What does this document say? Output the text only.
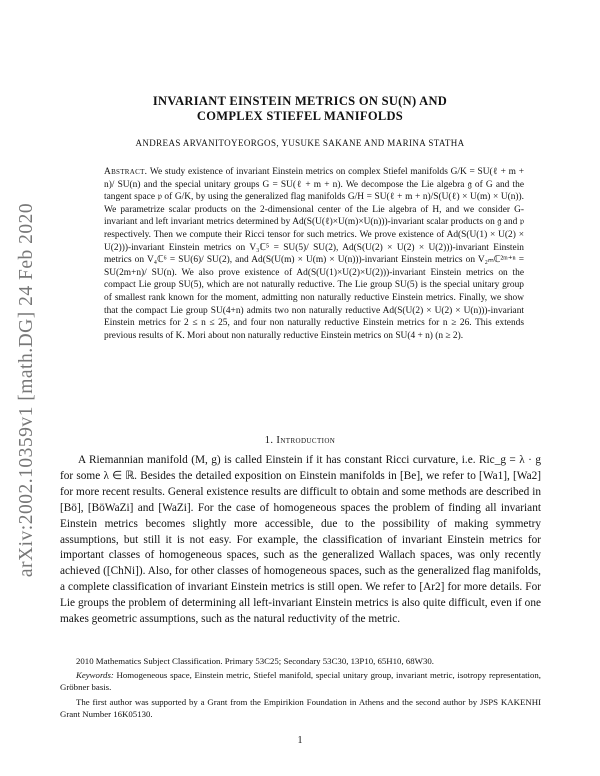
arXiv:2002.10359v1 [math.DG] 24 Feb 2020
INVARIANT EINSTEIN METRICS ON SU(N) AND
COMPLEX STIEFEL MANIFOLDS
ANDREAS ARVANITOYEORGOS, YUSUKE SAKANE AND MARINA STATHA
Abstract. We study existence of invariant Einstein metrics on complex Stiefel manifolds G/K = SU(ℓ + m + n)/ SU(n) and the special unitary groups G = SU(ℓ + m + n). We decompose the Lie algebra 𝔤 of G and the tangent space 𝔭 of G/K, by using the generalized flag manifolds G/H = SU(ℓ + m + n)/S(U(ℓ) × U(m) × U(n)). We parametrize scalar products on the 2-dimensional center of the Lie algebra of H, and we consider G-invariant and left invariant metrics determined by Ad(S(U(ℓ)×U(m)×U(n)))-invariant scalar products on 𝔤 and 𝔭 respectively. Then we compute their Ricci tensor for such metrics. We prove existence of Ad(S(U(1) × U(2) × U(2)))-invariant Einstein metrics on V₃ℂ⁵ = SU(5)/ SU(2), Ad(S(U(2) × U(2) × U(2)))-invariant Einstein metrics on V₄ℂ⁶ = SU(6)/ SU(2), and Ad(S(U(m) × U(m) × U(n)))-invariant Einstein metrics on V₂ₘℂ²ᵐ⁺ⁿ = SU(2m+n)/ SU(n). We also prove existence of Ad(S(U(1)×U(2)×U(2)))-invariant Einstein metrics on the compact Lie group SU(5), which are not naturally reductive. The Lie group SU(5) is the special unitary group of smallest rank known for the moment, admitting non naturally reductive Einstein metrics. Finally, we show that the compact Lie group SU(4+n) admits two non naturally reductive Ad(S(U(2) × U(2) × U(n)))-invariant Einstein metrics for 2 ≤ n ≤ 25, and four non naturally reductive Einstein metrics for n ≥ 26. This extends previous results of K. Mori about non naturally reductive Einstein metrics on SU(4 + n) (n ≥ 2).
1. Introduction
A Riemannian manifold (M, g) is called Einstein if it has constant Ricci curvature, i.e. Ric_g = λ · g for some λ ∈ ℝ. Besides the detailed exposition on Einstein manifolds in [Be], we refer to [Wa1], [Wa2] for more recent results. General existence results are difficult to obtain and some methods are described in [Bö], [BöWaZi] and [WaZi]. For the case of homogeneous spaces the problem of finding all invariant Einstein metrics becomes slightly more accessible, due to the possibility of making symmetry assumptions, but still it is not easy. For example, the classification of invariant Einstein metrics for important classes of homogeneous spaces, such as the generalized Wallach spaces, was only recently achieved ([ChNi]). Also, for other classes of homogeneous spaces, such as the generalized flag manifolds, a complete classification of invariant Einstein metrics is still open. We refer to [Ar2] for more details. For Lie groups the problem of determining all left-invariant Einstein metrics is also quite difficult, even if one makes geometric assumptions, such as the natural reductivity of the metric.
2010 Mathematics Subject Classification. Primary 53C25; Secondary 53C30, 13P10, 65H10, 68W30.
Keywords: Homogeneous space, Einstein metric, Stiefel manifold, special unitary group, invariant metric, isotropy representation, Gröbner basis.
The first author was supported by a Grant from the Empirikion Foundation in Athens and the second author by JSPS KAKENHI Grant Number 16K05130.
1
